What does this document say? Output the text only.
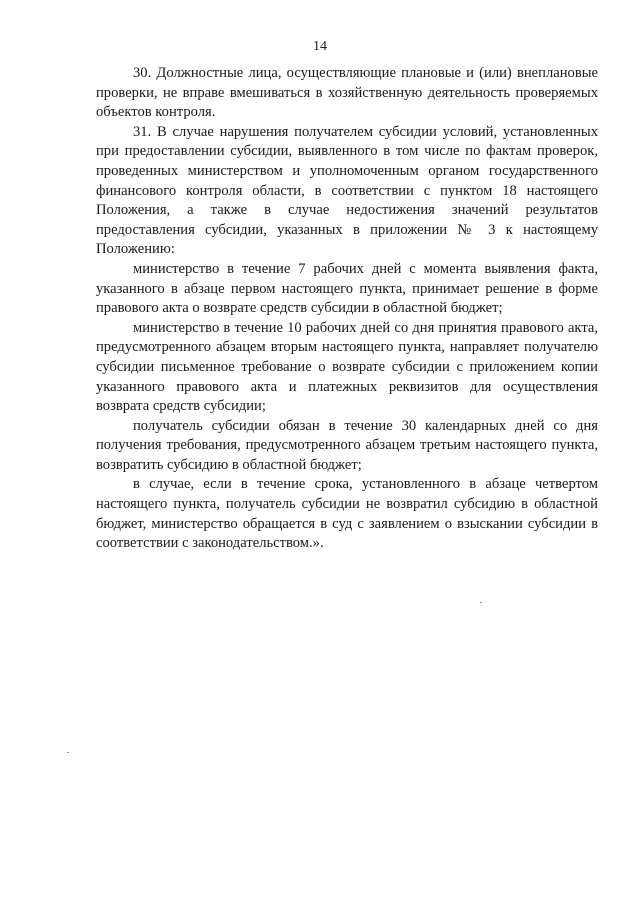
14

30. Должностные лица, осуществляющие плановые и (или) внеплановые проверки, не вправе вмешиваться в хозяйственную деятельность проверяемых объектов контроля.

31. В случае нарушения получателем субсидии условий, установленных при предоставлении субсидии, выявленного в том числе по фактам проверок, проведенных министерством и уполномоченным органом государственного финансового контроля области, в соответствии с пунктом 18 настоящего Положения, а также в случае недостижения значений результатов предоставления субсидии, указанных в приложении № 3 к настоящему Положению:

министерство в течение 7 рабочих дней с момента выявления факта, указанного в абзаце первом настоящего пункта, принимает решение в форме правового акта о возврате средств субсидии в областной бюджет;

министерство в течение 10 рабочих дней со дня принятия правового акта, предусмотренного абзацем вторым настоящего пункта, направляет получателю субсидии письменное требование о возврате субсидии с приложением копии указанного правового акта и платежных реквизитов для осуществления возврата средств субсидии;

получатель субсидии обязан в течение 30 календарных дней со дня получения требования, предусмотренного абзацем третьим настоящего пункта, возвратить субсидию в областной бюджет;

в случае, если в течение срока, установленного в абзаце четвертом настоящего пункта, получатель субсидии не возвратил субсидию в областной бюджет, министерство обращается в суд с заявлением о взыскании субсидии в соответствии с законодательством.».
